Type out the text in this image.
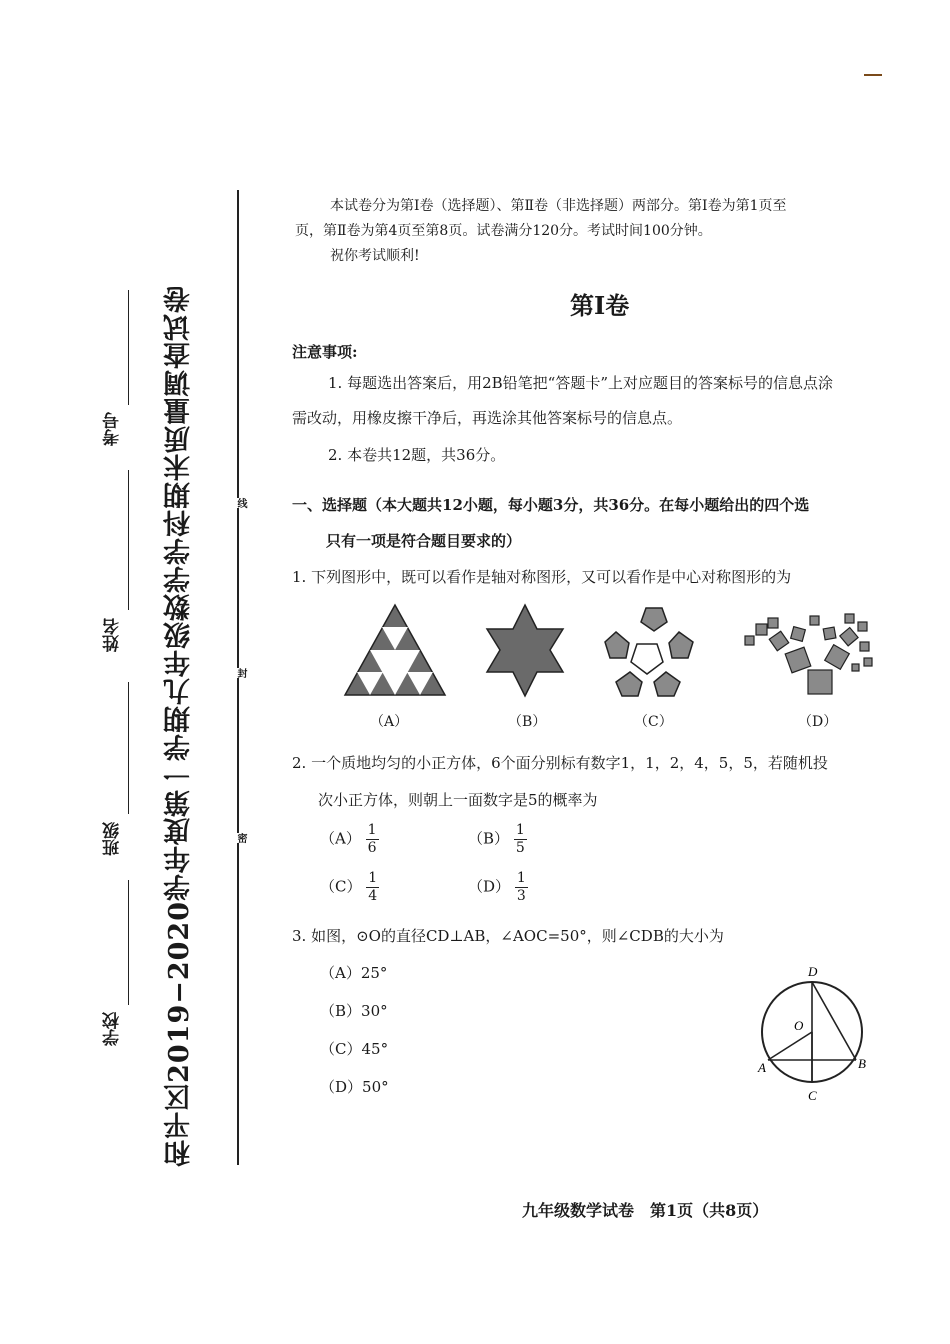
线
封
密
和平区2019−2020学年度第一学期九年级数学学科期末质量调查试卷
学校
班级
姓名
考号
本试卷分为第Ⅰ卷（选择题）、第Ⅱ卷（非选择题）两部分。第Ⅰ卷为第1页至
页，第Ⅱ卷为第4页至第8页。试卷满分120分。考试时间100分钟。
祝你考试顺利!
第Ⅰ卷
注意事项:
1. 每题选出答案后，用2B铅笔把“答题卡”上对应题目的答案标号的信息点涂
需改动，用橡皮擦干净后，再选涂其他答案标号的信息点。
2. 本卷共12题，共36分。
一、选择题（本大题共12小题，每小题3分，共36分。在每小题给出的四个选
只有一项是符合题目要求的）
1. 下列图形中，既可以看作是轴对称图形，又可以看作是中心对称图形的为
（A）	（B）	（C）	（D）
2. 一个质地均匀的小正方体，6个面分别标有数字1，1，2，4，5，5，若随机投
次小正方体，则朝上一面数字是5的概率为
$(A) \frac{1}{6}$	$(B) \frac{1}{5}$
$(C) \frac{1}{4}$	$(D) \frac{1}{3}$
3. 如图，⊙O的直径CD⊥AB，∠AOC=50°，则∠CDB的大小为
（A）25°
（B）30°
（C）45°
（D）50°
D
O
A	B
C
九年级数学试卷　第1页（共8页）
